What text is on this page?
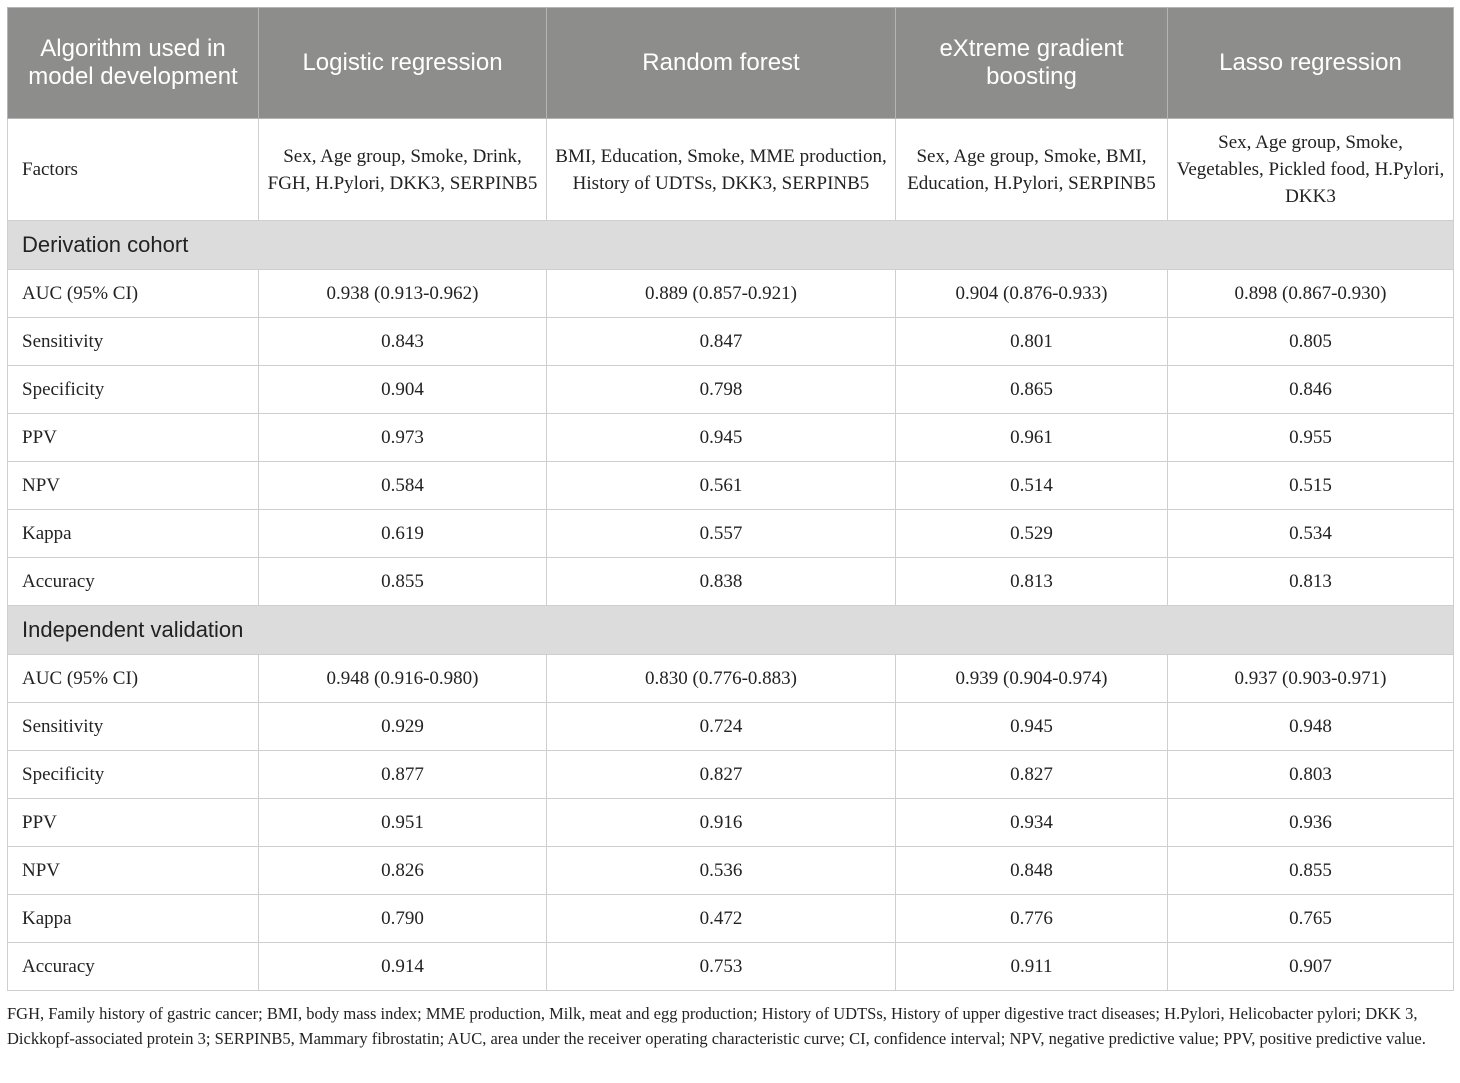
Algorithm used in model development	Logistic regression	Random forest	eXtreme gradient boosting	Lasso regression
Factors	Sex, Age group, Smoke, Drink, FGH, H.Pylori, DKK3, SERPINB5	BMI, Education, Smoke, MME production, History of UDTSs, DKK3, SERPINB5	Sex, Age group, Smoke, BMI, Education, H.Pylori, SERPINB5	Sex, Age group, Smoke, Vegetables, Pickled food, H.Pylori, DKK3
Derivation cohort				
AUC (95% CI)	0.938 (0.913-0.962)	0.889 (0.857-0.921)	0.904 (0.876-0.933)	0.898 (0.867-0.930)
Sensitivity	0.843	0.847	0.801	0.805
Specificity	0.904	0.798	0.865	0.846
PPV	0.973	0.945	0.961	0.955
NPV	0.584	0.561	0.514	0.515
Kappa	0.619	0.557	0.529	0.534
Accuracy	0.855	0.838	0.813	0.813
Independent validation				
AUC (95% CI)	0.948 (0.916-0.980)	0.830 (0.776-0.883)	0.939 (0.904-0.974)	0.937 (0.903-0.971)
Sensitivity	0.929	0.724	0.945	0.948
Specificity	0.877	0.827	0.827	0.803
PPV	0.951	0.916	0.934	0.936
NPV	0.826	0.536	0.848	0.855
Kappa	0.790	0.472	0.776	0.765
Accuracy	0.914	0.753	0.911	0.907
FGH, Family history of gastric cancer; BMI, body mass index; MME production, Milk, meat and egg production; History of UDTSs, History of upper digestive tract diseases; H.Pylori, Helicobacter pylori; DKK 3, Dickkopf-associated protein 3; SERPINB5, Mammary fibrostatin; AUC, area under the receiver operating characteristic curve; CI, confidence interval; NPV, negative predictive value; PPV, positive predictive value.
